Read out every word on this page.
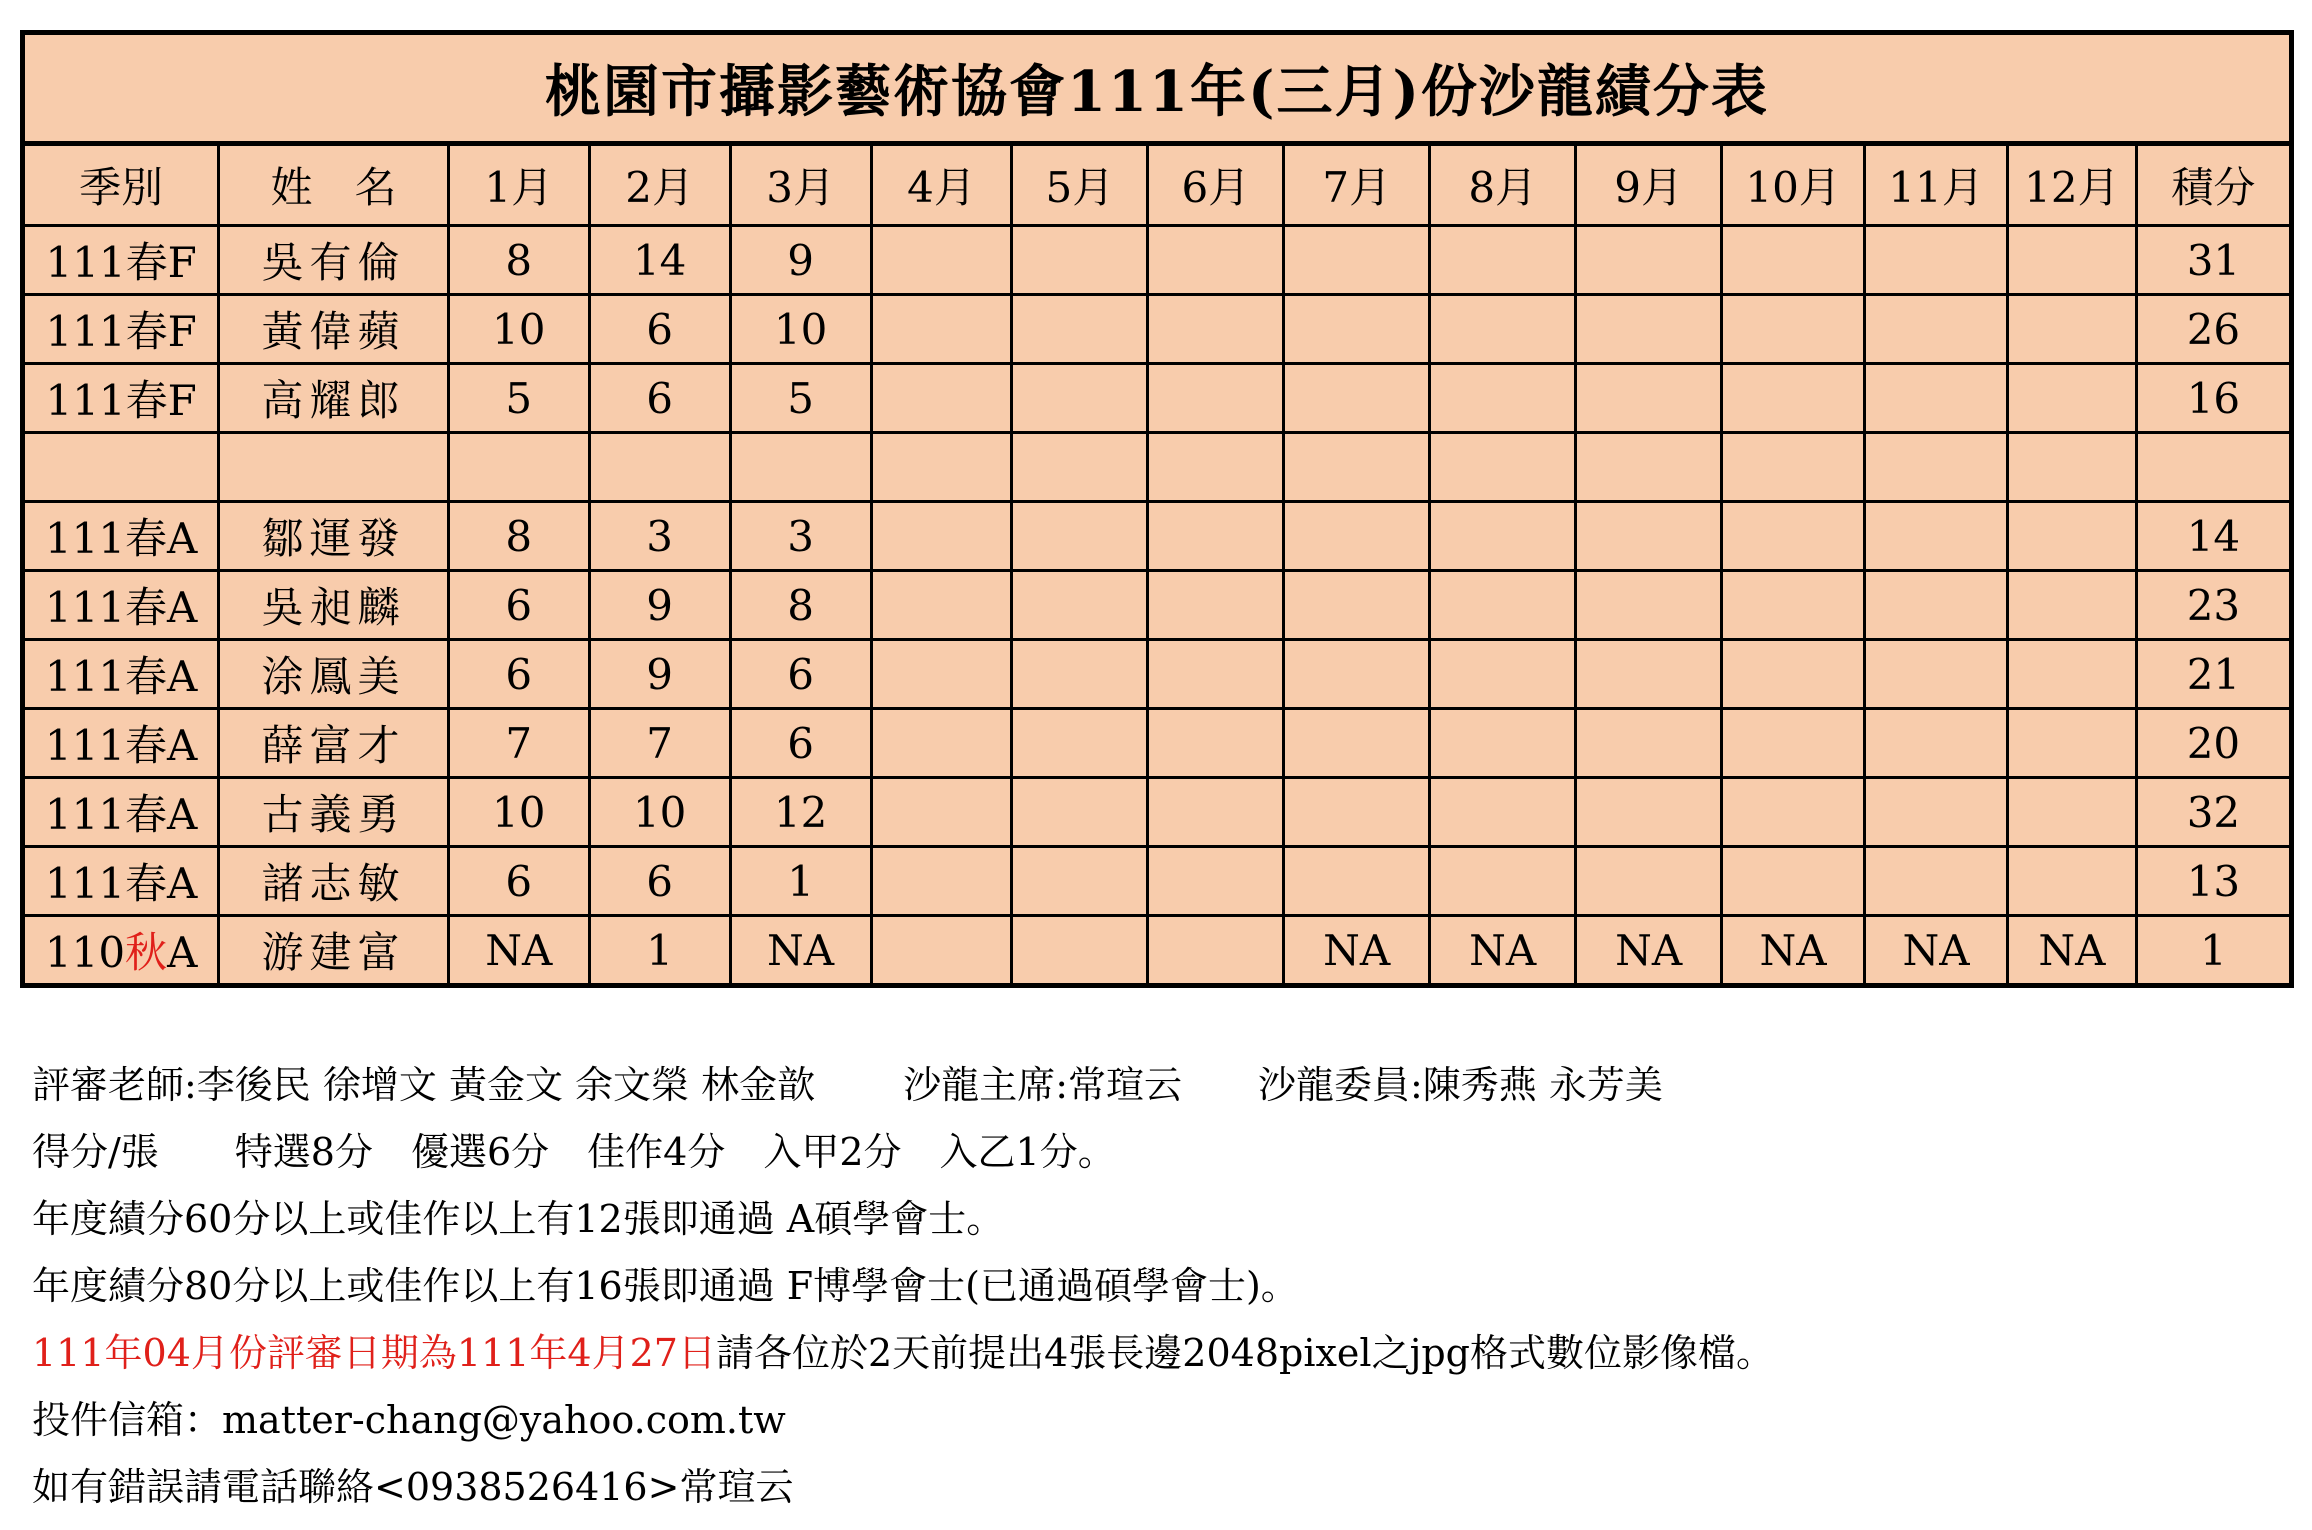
桃園市攝影藝術協會111年(三月)份沙龍績分表														
季別	姓　名	1月	2月	3月	4月	5月	6月	7月	8月	9月	10月	11月	12月	積分
111春F	吳有倫	8	14	9										31
111春F	黃偉蘋	10	6	10										26
111春F	高耀郎	5	6	5										16

111春A	鄒運發	8	3	3										14
111春A	吳昶麟	6	9	8										23
111春A	涂鳳美	6	9	6										21
111春A	薛富才	7	7	6										20
111春A	古義勇	10	10	12										32
111春A	諸志敏	6	6	1										13
110秋A	游建富	NA	1	NA				NA	NA	NA	NA	NA	NA	1
評審老師:李後民 徐增文 黃金文 余文榮 林金歆　　 沙龍主席:常瑄云　　沙龍委員:陳秀燕 永芳美
得分/張　　特選8分　優選6分　佳作4分　入甲2分　入乙1分。
年度績分60分以上或佳作以上有12張即通過 A碩學會士。
年度績分80分以上或佳作以上有16張即通過 F博學會士(已通過碩學會士)。
111年04月份評審日期為111年4月27日請各位於2天前提出4張長邊2048pixel之jpg格式數位影像檔。
投件信箱：matter-chang@yahoo.com.tw
如有錯誤請電話聯絡<0938526416>常瑄云
